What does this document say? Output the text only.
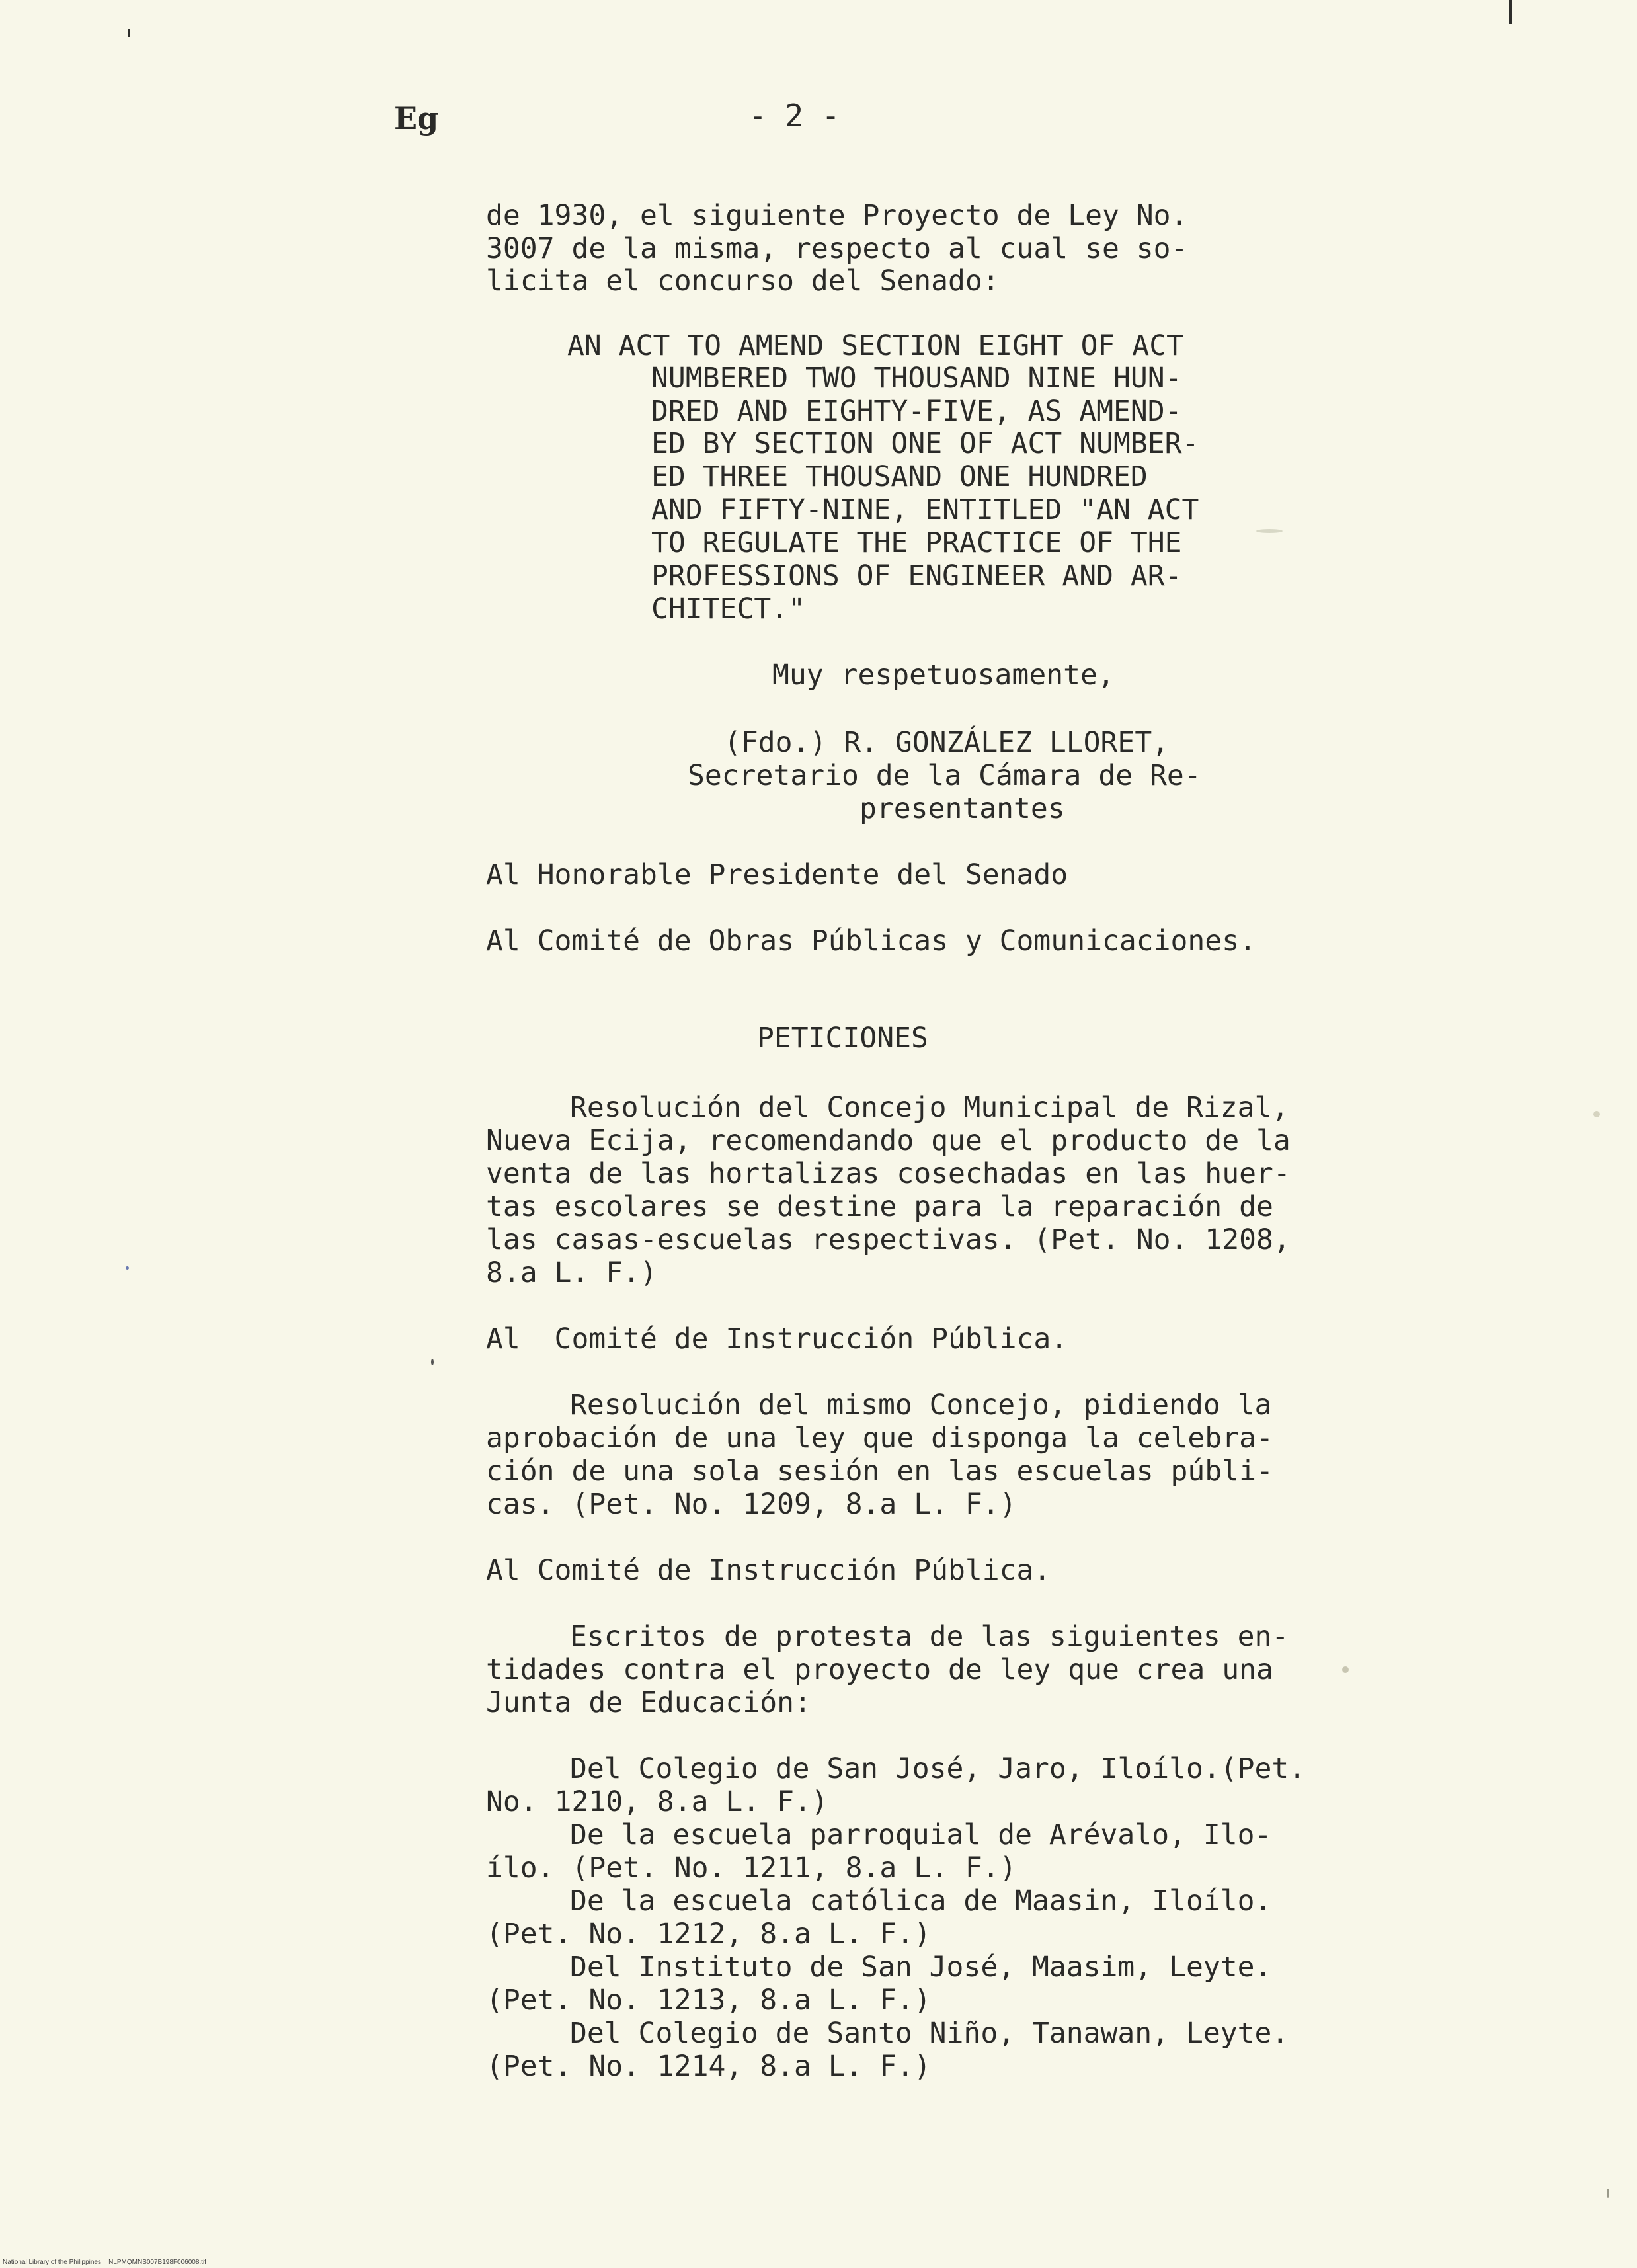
Eg	- 2 -
de 1930, el siguiente Proyecto de Ley No.
3007 de la misma, respecto al cual se so-
licita el concurso del Senado:
AN ACT TO AMEND SECTION EIGHT OF ACT
NUMBERED TWO THOUSAND NINE HUN-
DRED AND EIGHTY-FIVE, AS AMEND-
ED BY SECTION ONE OF ACT NUMBER-
ED THREE THOUSAND ONE HUNDRED
AND FIFTY-NINE, ENTITLED "AN ACT
TO REGULATE THE PRACTICE OF THE
PROFESSIONS OF ENGINEER AND AR-
CHITECT."
Muy respetuosamente,
(Fdo.) R. GONZÁLEZ LLORET,
Secretario de la Cámara de Re-
presentantes
Al Honorable Presidente del Senado
Al Comité de Obras Públicas y Comunicaciones.
PETICIONES
Resolución del Concejo Municipal de Rizal,
Nueva Ecija, recomendando que el producto de la
venta de las hortalizas cosechadas en las huer-
tas escolares se destine para la reparación de
las casas-escuelas respectivas. (Pet. No. 1208,
8.a L. F.)
Al  Comité de Instrucción Pública.
Resolución del mismo Concejo, pidiendo la
aprobación de una ley que disponga la celebra-
ción de una sola sesión en las escuelas públi-
cas. (Pet. No. 1209, 8.a L. F.)
Al Comité de Instrucción Pública.
Escritos de protesta de las siguientes en-
tidades contra el proyecto de ley que crea una
Junta de Educación:
Del Colegio de San José, Jaro, Iloílo.(Pet.
No. 1210, 8.a L. F.)
De la escuela parroquial de Arévalo, Ilo-
ílo. (Pet. No. 1211, 8.a L. F.)
De la escuela católica de Maasin, Iloílo.
(Pet. No. 1212, 8.a L. F.)
Del Instituto de San José, Maasim, Leyte.
(Pet. No. 1213, 8.a L. F.)
Del Colegio de Santo Niño, Tanawan, Leyte.
(Pet. No. 1214, 8.a L. F.)
National Library of the Philippines    NLPMQMNS007B198F006008.tif
